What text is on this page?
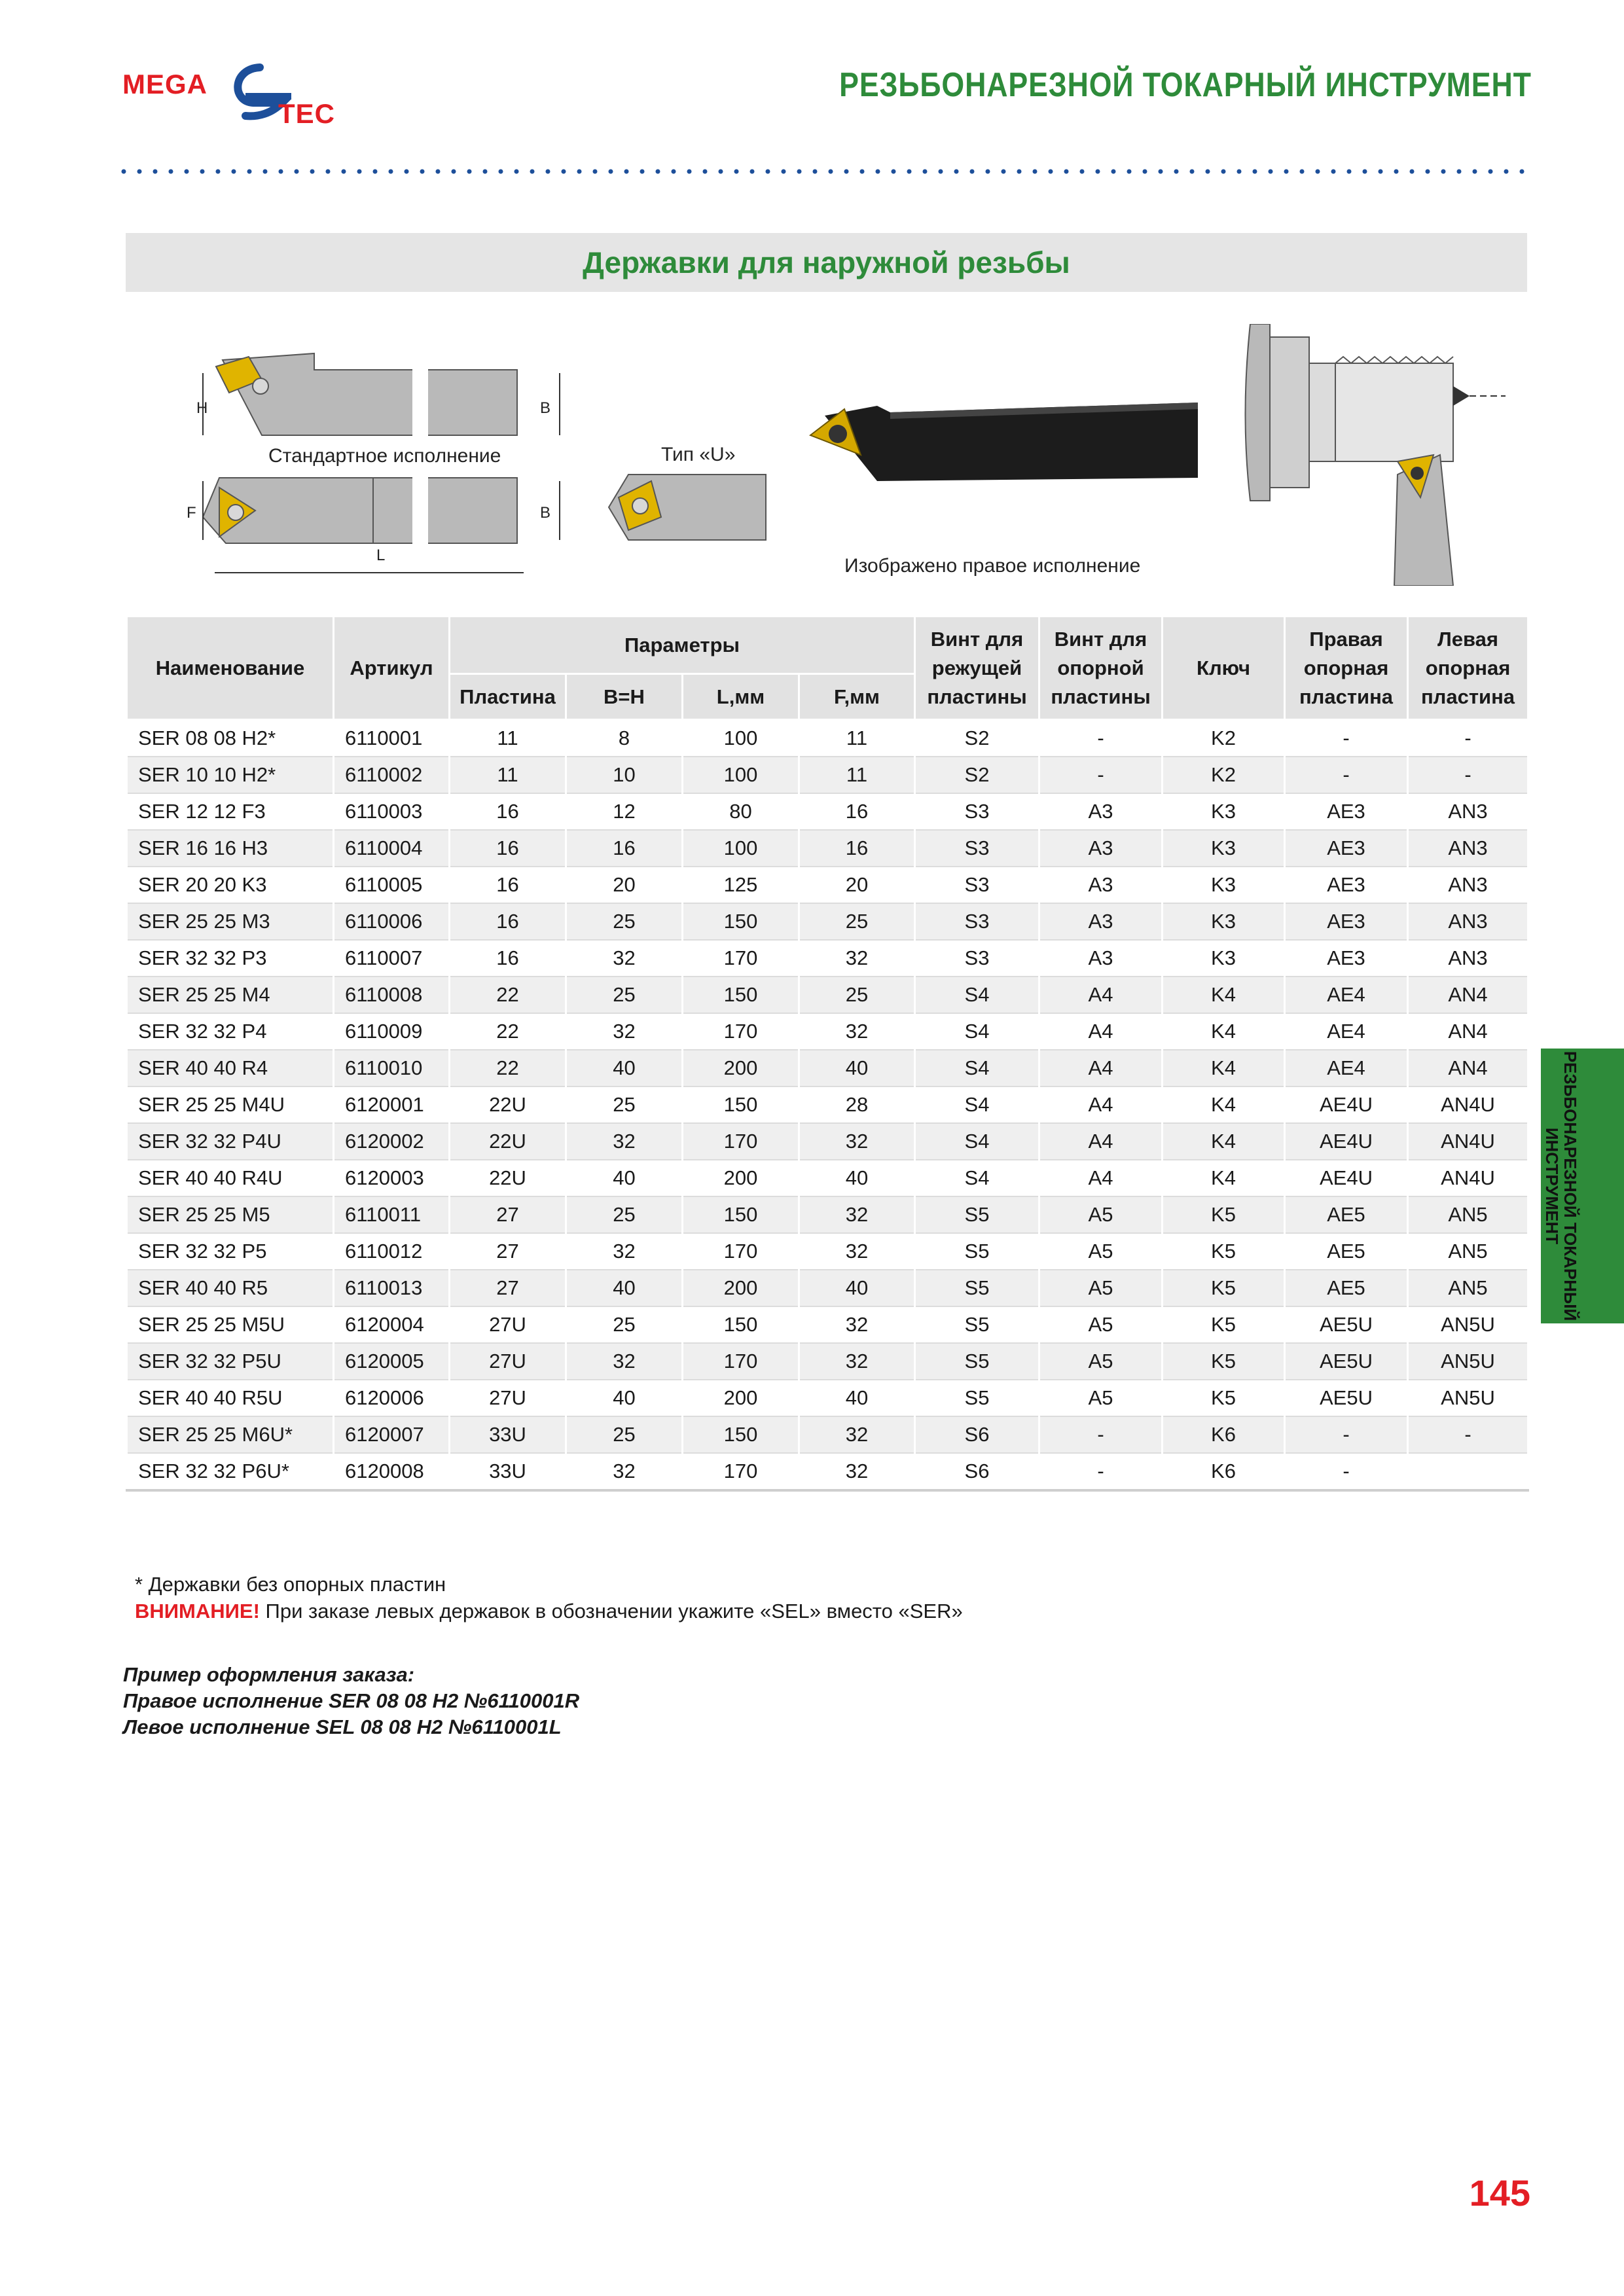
MEGA
TEC
РЕЗЬБОНАРЕЗНОЙ ТОКАРНЫЙ ИНСТРУМЕНТ
Державки для наружной резьбы
H	B
F	B
L
Стандартное исполнение	Тип «U»
Изображено правое исполнение
Наименование	Артикул	Параметры				Винт для режущей пластины	Винт для опорной пластины	Ключ	Правая опорная пластина	Левая опорная пластина
		Пластина	B=H	L,мм	F,мм					
SER 08 08 H2*	6110001	11	8	100	11	S2	-	K2	-	-
SER 10 10 H2*	6110002	11	10	100	11	S2	-	K2	-	-
SER 12 12 F3	6110003	16	12	80	16	S3	A3	K3	AE3	AN3
SER 16 16 H3	6110004	16	16	100	16	S3	A3	K3	AE3	AN3
SER 20 20 K3	6110005	16	20	125	20	S3	A3	K3	AE3	AN3
SER 25 25 M3	6110006	16	25	150	25	S3	A3	K3	AE3	AN3
SER 32 32 P3	6110007	16	32	170	32	S3	A3	K3	AE3	AN3
SER 25 25 M4	6110008	22	25	150	25	S4	A4	K4	AE4	AN4
SER 32 32 P4	6110009	22	32	170	32	S4	A4	K4	AE4	AN4
SER 40 40 R4	6110010	22	40	200	40	S4	A4	K4	AE4	AN4
SER 25 25 M4U	6120001	22U	25	150	28	S4	A4	K4	AE4U	AN4U
SER 32 32 P4U	6120002	22U	32	170	32	S4	A4	K4	AE4U	AN4U
SER 40 40 R4U	6120003	22U	40	200	40	S4	A4	K4	AE4U	AN4U
SER 25 25 M5	6110011	27	25	150	32	S5	A5	K5	AE5	AN5
SER 32 32 P5	6110012	27	32	170	32	S5	A5	K5	AE5	AN5
SER 40 40 R5	6110013	27	40	200	40	S5	A5	K5	AE5	AN5
SER 25 25 M5U	6120004	27U	25	150	32	S5	A5	K5	AE5U	AN5U
SER 32 32 P5U	6120005	27U	32	170	32	S5	A5	K5	AE5U	AN5U
SER 40 40 R5U	6120006	27U	40	200	40	S5	A5	K5	AE5U	AN5U
SER 25 25 M6U*	6120007	33U	25	150	32	S6	-	K6	-	-
SER 32 32 P6U*	6120008	33U	32	170	32	S6	-	K6	-	
* Державки без опорных пластин
ВНИМАНИЕ! При заказе левых державок в обозначении укажите «SEL» вместо «SER»
Пример оформления заказа:
Правое исполнение SER 08 08 H2 №6110001R
Левое исполнение SEL 08 08 H2 №6110001L
РЕЗЬБОНАРЕЗНОЙ ТОКАРНЫЙ
ИНСТРУМЕНТ
145
